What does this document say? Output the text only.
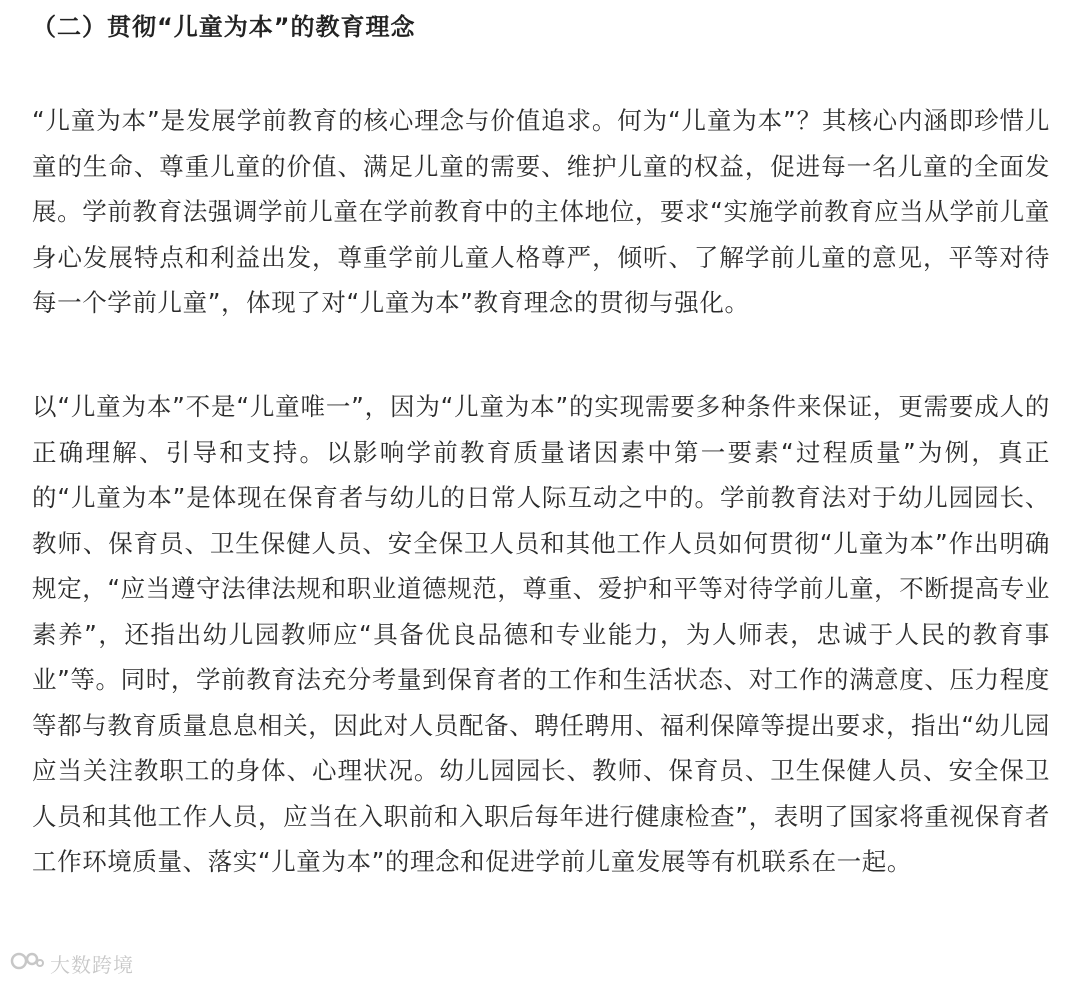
（二）贯彻“儿童为本”的教育理念

“儿童为本”是发展学前教育的核心理念与价值追求。何为“儿童为本”？其核心内涵即珍惜儿童的生命、尊重儿童的价值、满足儿童的需要、维护儿童的权益，促进每一名儿童的全面发展。学前教育法强调学前儿童在学前教育中的主体地位，要求“实施学前教育应当从学前儿童身心发展特点和利益出发，尊重学前儿童人格尊严，倾听、了解学前儿童的意见，平等对待每一个学前儿童”，体现了对“儿童为本”教育理念的贯彻与强化。

以“儿童为本”不是“儿童唯一”，因为“儿童为本”的实现需要多种条件来保证，更需要成人的正确理解、引导和支持。以影响学前教育质量诸因素中第一要素“过程质量”为例，真正的“儿童为本”是体现在保育者与幼儿的日常人际互动之中的。学前教育法对于幼儿园园长、教师、保育员、卫生保健人员、安全保卫人员和其他工作人员如何贯彻“儿童为本”作出明确规定，“应当遵守法律法规和职业道德规范，尊重、爱护和平等对待学前儿童，不断提高专业素养”，还指出幼儿园教师应“具备优良品德和专业能力，为人师表，忠诚于人民的教育事业”等。同时，学前教育法充分考量到保育者的工作和生活状态、对工作的满意度、压力程度等都与教育质量息息相关，因此对人员配备、聘任聘用、福利保障等提出要求，指出“幼儿园应当关注教职工的身体、心理状况。幼儿园园长、教师、保育员、卫生保健人员、安全保卫人员和其他工作人员，应当在入职前和入职后每年进行健康检查”，表明了国家将重视保育者工作环境质量、落实“儿童为本”的理念和促进学前儿童发展等有机联系在一起。

大数跨境
